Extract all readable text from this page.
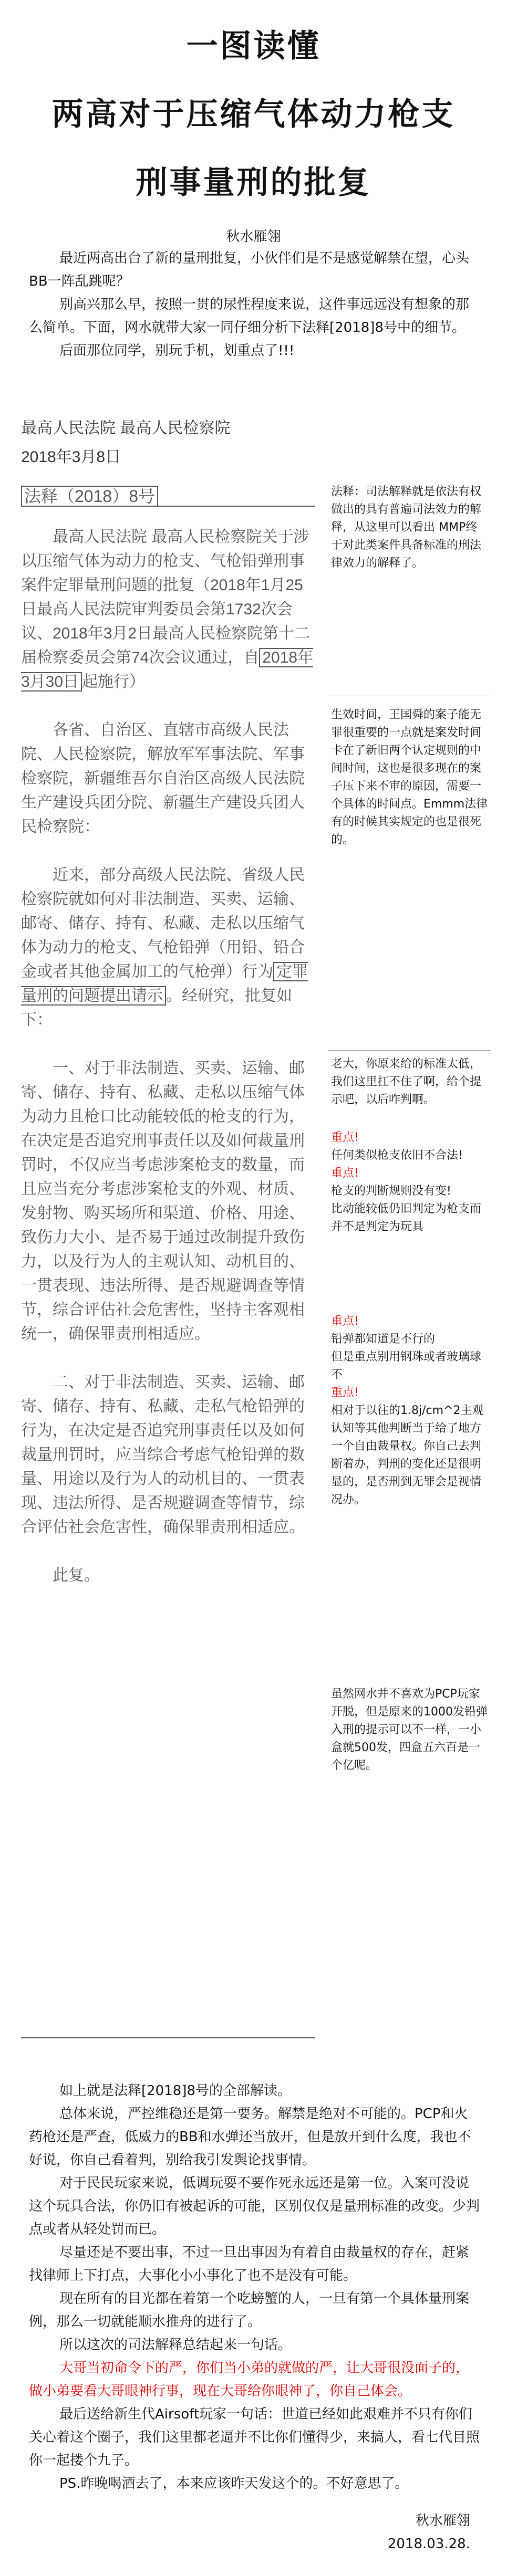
一图读懂
两高对于压缩气体动力枪支
刑事量刑的批复
秋水雁翎

最近两高出台了新的量刑批复，小伙伴们是不是感觉解禁在望，心头BB一阵乱跳呢？

别高兴那么早，按照一贯的尿性程度来说，这件事远远没有想象的那么简单。下面，网水就带大家一同仔细分析下法释[2018]8号中的细节。

后面那位同学，别玩手机，划重点了!!!

最高人民法院 最高人民检察院
2018年3月8日
法释（2018）8号

最高人民法院 最高人民检察院关于涉以压缩气体为动力的枪支、气枪铅弹刑事案件定罪量刑问题的批复（2018年1月25日最高人民法院审判委员会第1732次会议、2018年3月2日最高人民检察院第十二届检察委员会第74次会议通过，自 2018年3月30日 起施行）

各省、自治区、直辖市高级人民法院、人民检察院，解放军军事法院、军事检察院，新疆维吾尔自治区高级人民法院生产建设兵团分院、新疆生产建设兵团人民检察院：

近来，部分高级人民法院、省级人民检察院就如何对非法制造、买卖、运输、邮寄、储存、持有、私藏、走私以压缩气体为动力的枪支、气枪铅弹（用铅、铅合金或者其他金属加工的气枪弹）行为 定罪量刑的问题提出请示 。经研究，批复如下：

一、对于非法制造、买卖、运输、邮寄、储存、持有、私藏、走私以压缩气体为动力且枪口比动能较低的枪支的行为，在决定是否追究刑事责任以及如何裁量刑罚时，不仅应当考虑涉案枪支的数量，而且应当充分考虑涉案枪支的外观、材质、发射物、购买场所和渠道、价格、用途、致伤力大小、是否易于通过改制提升致伤力，以及行为人的主观认知、动机目的、一贯表现、违法所得、是否规避调查等情节，综合评估社会危害性，坚持主客观相统一，确保罪责刑相适应。

二、对于非法制造、买卖、运输、邮寄、储存、持有、私藏、走私气枪铅弹的行为，在决定是否追究刑事责任以及如何裁量刑罚时，应当综合考虑气枪铅弹的数量、用途以及行为人的动机目的、一贯表现、违法所得、是否规避调查等情节，综合评估社会危害性，确保罪责刑相适应。

此复。

法释：司法解释就是依法有权做出的具有普遍司法效力的解释，从这里可以看出 MMP终于对此类案件具备标准的刑法律效力的解释了。
生效时间，王国舜的案子能无罪很重要的一点就是案发时间卡在了新旧两个认定规则的中间时间，这也是很多现在的案子压下来不审的原因，需要一个具体的时间点。Emmm法律有的时候其实规定的也是很死的。
老大，你原来给的标准太低，我们这里扛不住了啊，给个提示吧，以后咋判啊。
重点!
任何类似枪支依旧不合法!
重点!
枪支的判断规则没有变!
比动能较低仍旧判定为枪支而并不是判定为玩具
重点!
铅弹都知道是不行的
但是重点别用钢珠或者玻璃球不
重点!
相对于以往的1.8j/cm^2主观认知等其他判断当于给了地方一个自由裁量权。你自己去判断着办，判刑的变化还是很明显的，是否刑到无罪会是视情况办。
虽然网水并不喜欢为PCP玩家开脱，但是原来的1000发铅弹入刑的提示可以不一样，一小盒就500发，四盒五六百是一个亿呢。

如上就是法释[2018]8号的全部解读。

总体来说，严控维稳还是第一要务。解禁是绝对不可能的。PCP和火药枪还是严查，低威力的BB和水弹还当放开，但是放开到什么度，我也不好说，你自己看着判，别给我引发舆论找事情。

对于民民玩家来说，低调玩耍不要作死永远还是第一位。入案可没说这个玩具合法，你仍旧有被起诉的可能，区别仅仅是量刑标准的改变。少判点或者从轻处罚而已。

尽量还是不要出事，不过一旦出事因为有着自由裁量权的存在，赶紧找律师上下打点，大事化小小事化了也不是没有可能。

现在所有的目光都在着第一个吃螃蟹的人，一旦有第一个具体量刑案例，那么一切就能顺水推舟的进行了。

所以这次的司法解释总结起来一句话。

大哥当初命令下的严，你们当小弟的就做的严，让大哥很没面子的，做小弟要看大哥眼神行事，现在大哥给你眼神了，你自己体会。

最后送给新生代Airsoft玩家一句话：世道已经如此艰难并不只有你们关心着这个圈子，我们这里都老逼并不比你们懂得少，来搞人，看七代目照你一起搂个九子。

PS.昨晚喝酒去了，本来应该昨天发这个的。不好意思了。

秋水雁翎
2018.03.28.
